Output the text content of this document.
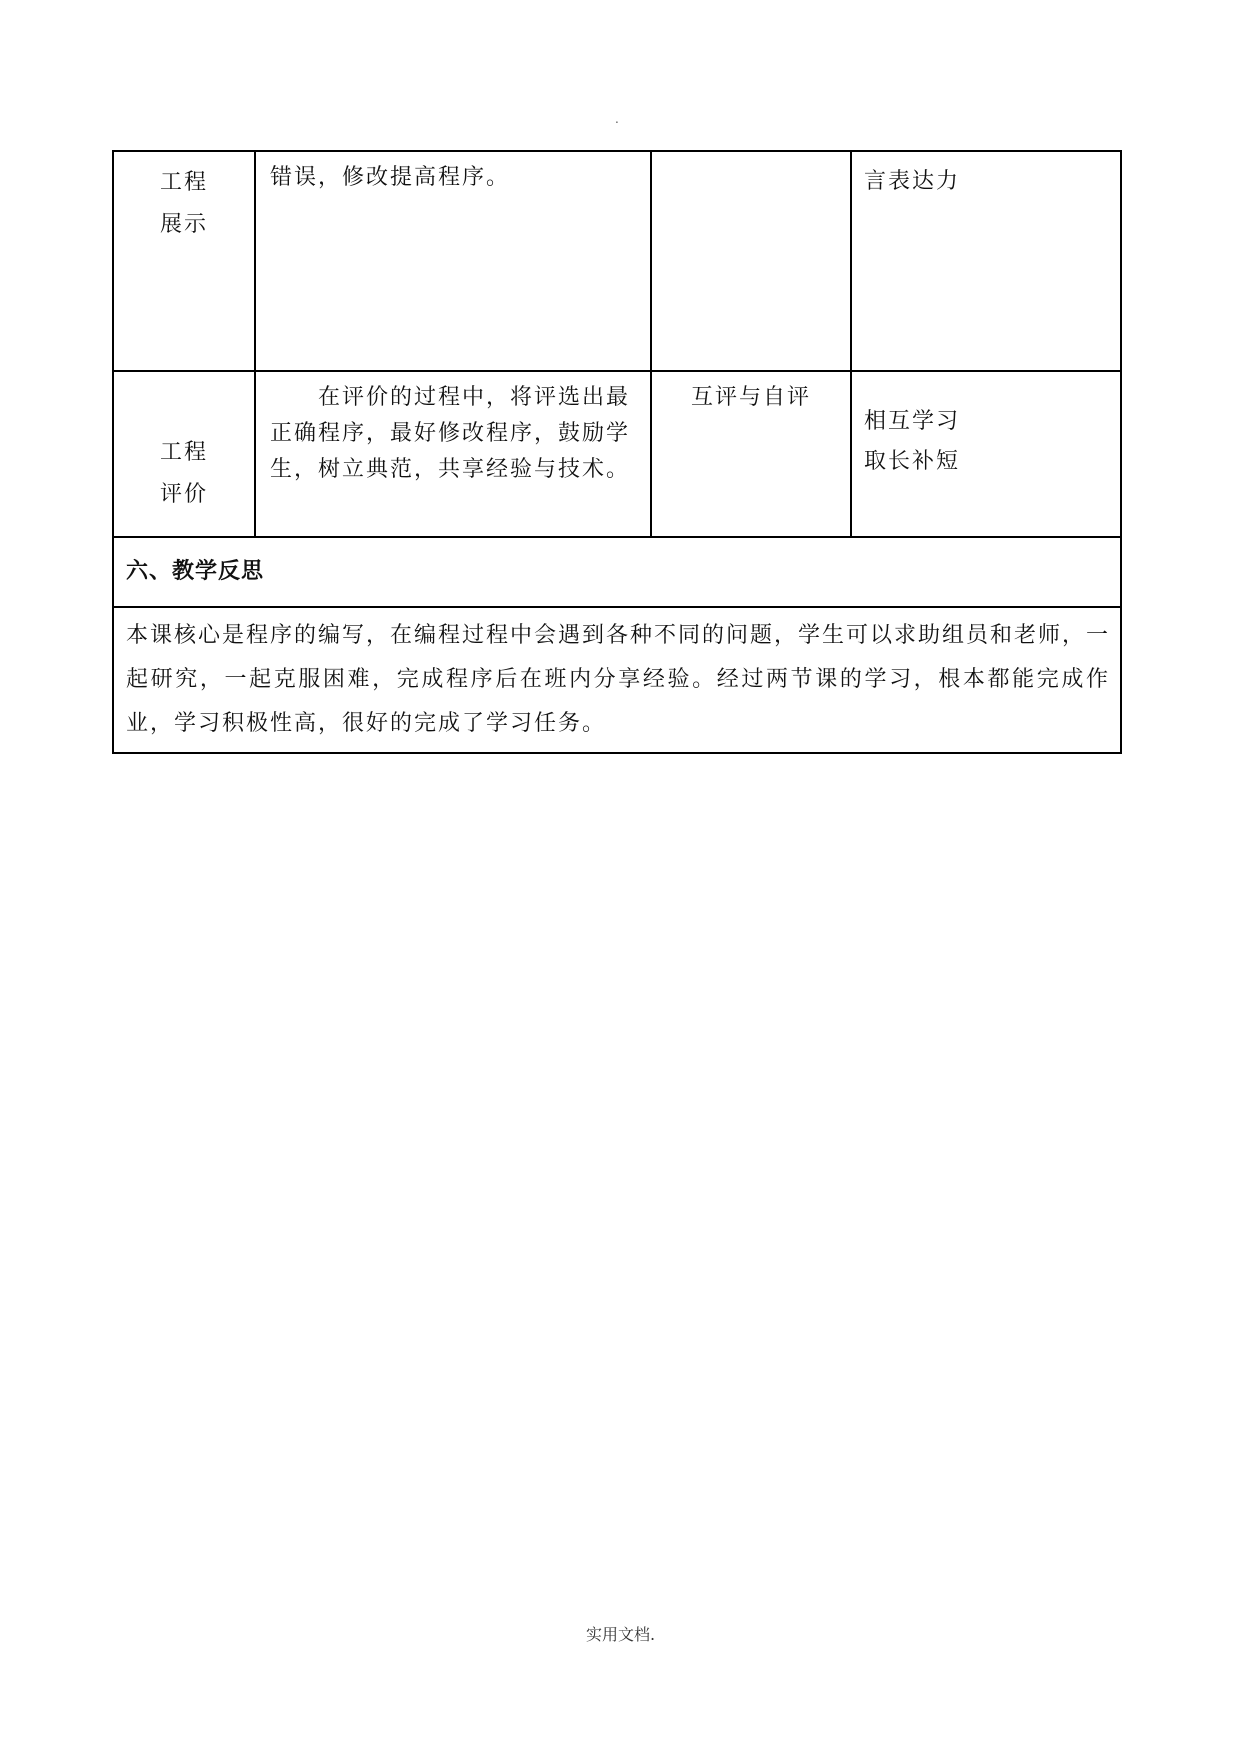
.
工程
展示	错误，修改提高程序。		言表达力
工程
评价	在评价的过程中，将评选出最正确程序，最好修改程序，鼓励学生，树立典范，共享经验与技术。	互评与自评	相互学习
取长补短
六、教学反思			
本课核心是程序的编写，在编程过程中会遇到各种不同的问题，学生可以求助组员和老师，一起研究，一起克服困难，完成程序后在班内分享经验。经过两节课的学习，根本都能完成作业，学习积极性高，很好的完成了学习任务。			
实用文档.
